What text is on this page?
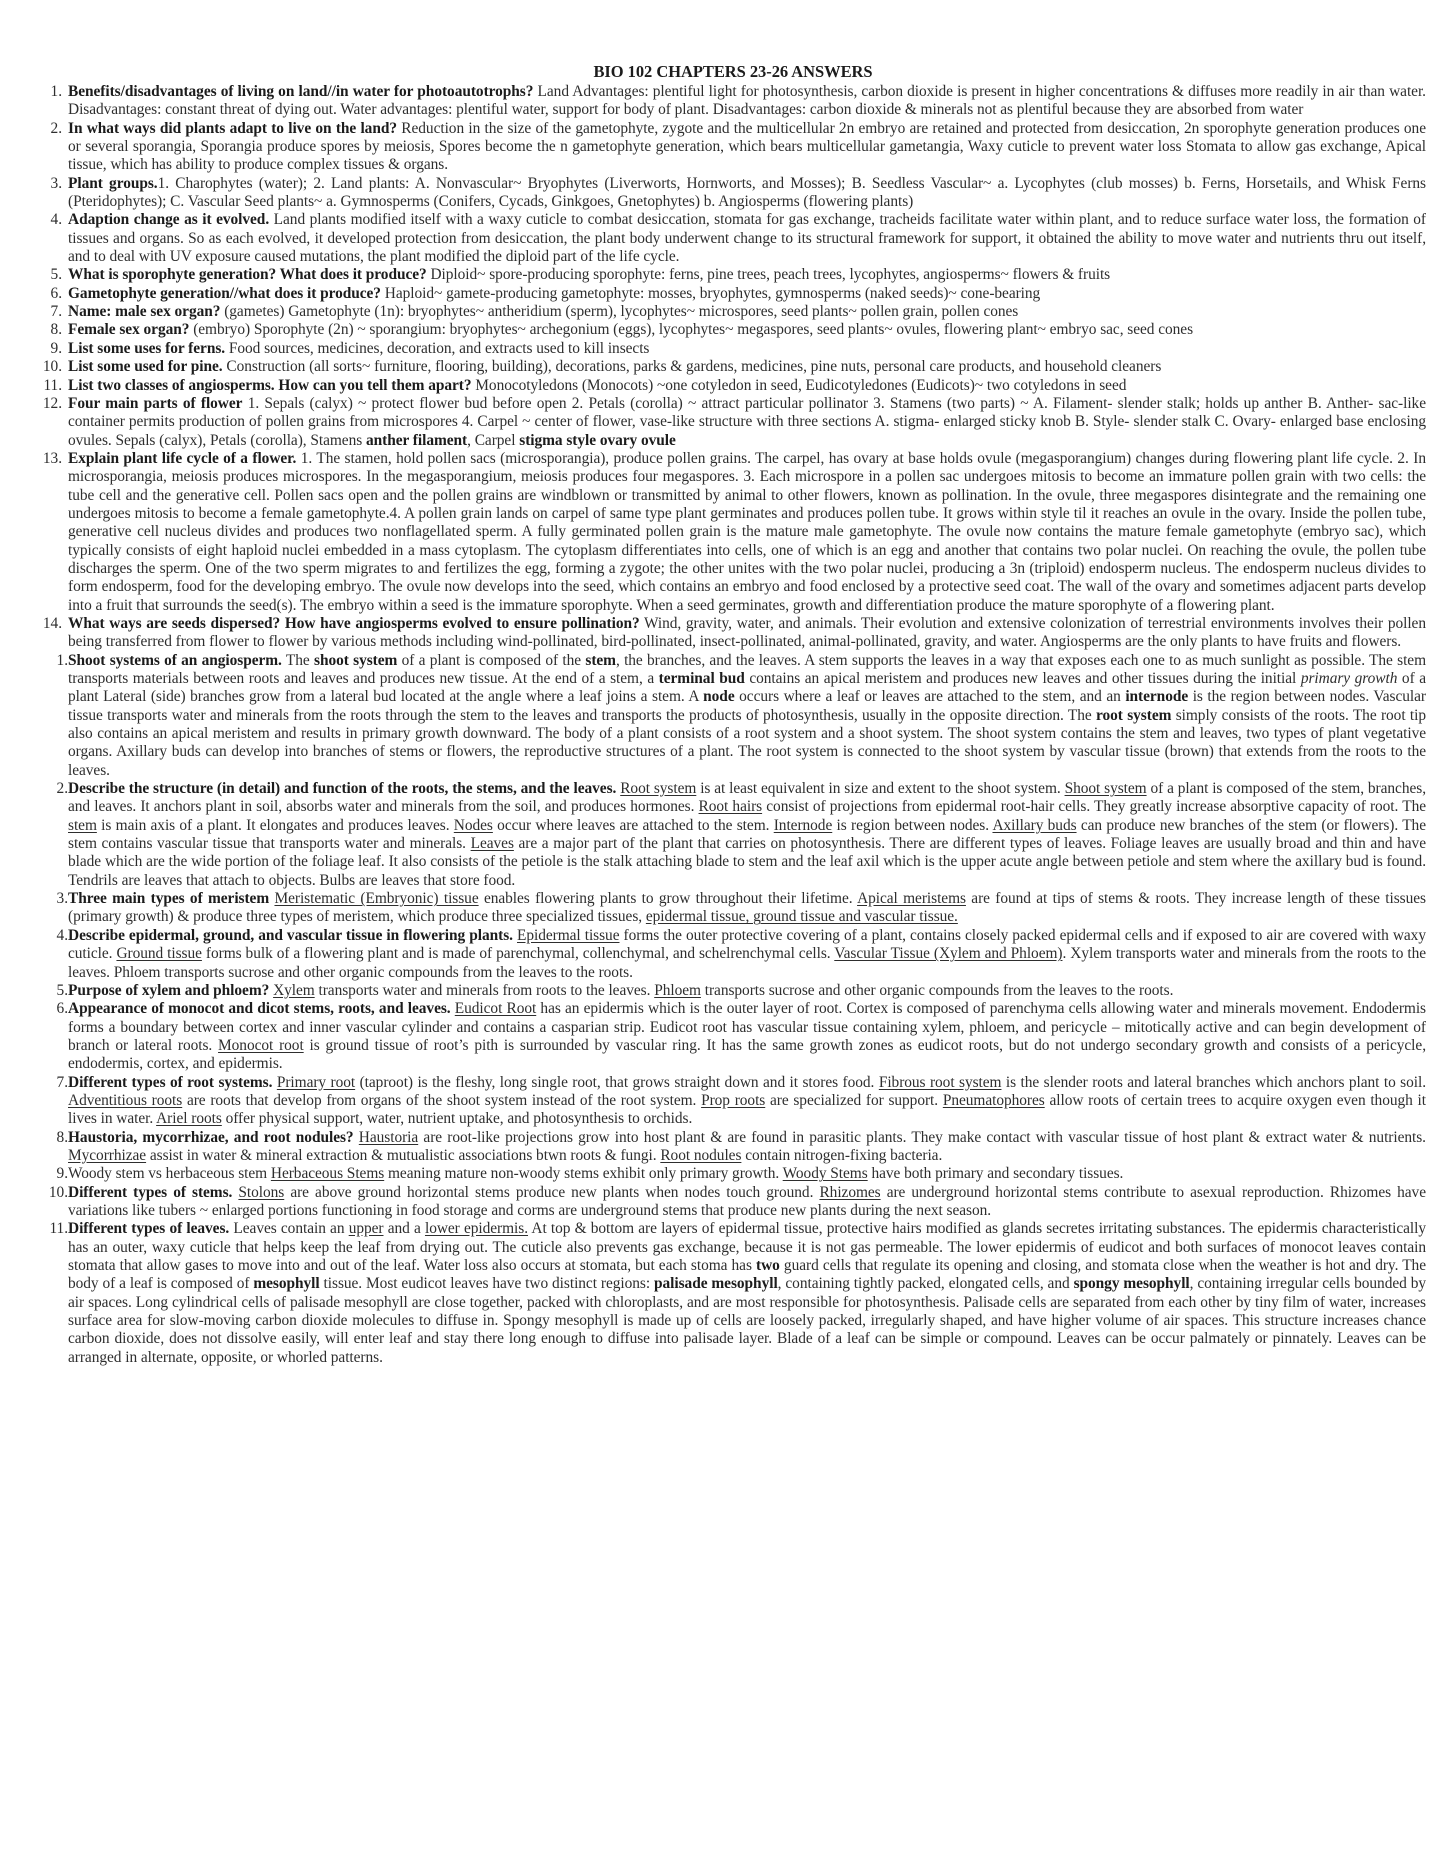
BIO 102 CHAPTERS 23-26 ANSWERS
1. Benefits/disadvantages of living on land//in water for photoautotrophs? Land Advantages: plentiful light for photosynthesis, carbon dioxide is present in higher concentrations & diffuses more readily in air than water. Disadvantages: constant threat of dying out. Water advantages: plentiful water, support for body of plant. Disadvantages: carbon dioxide & minerals not as plentiful because they are absorbed from water
2. In what ways did plants adapt to live on the land? Reduction in the size of the gametophyte, zygote and the multicellular 2n embryo are retained and protected from desiccation, 2n sporophyte generation produces one or several sporangia, Sporangia produce spores by meiosis, Spores become the n gametophyte generation, which bears multicellular gametangia, Waxy cuticle to prevent water loss Stomata to allow gas exchange, Apical tissue, which has ability to produce complex tissues & organs.
3. Plant groups.1. Charophytes (water); 2. Land plants: A. Nonvascular~ Bryophytes (Liverworts, Hornworts, and Mosses); B. Seedless Vascular~ a. Lycophytes (club mosses) b. Ferns, Horsetails, and Whisk Ferns (Pteridophytes); C. Vascular Seed plants~ a. Gymnosperms (Conifers, Cycads, Ginkgoes, Gnetophytes) b. Angiosperms (flowering plants)
4. Adaption change as it evolved. Land plants modified itself with a waxy cuticle to combat desiccation, stomata for gas exchange, tracheids facilitate water within plant, and to reduce surface water loss, the formation of tissues and organs. So as each evolved, it developed protection from desiccation, the plant body underwent change to its structural framework for support, it obtained the ability to move water and nutrients thru out itself, and to deal with UV exposure caused mutations, the plant modified the diploid part of the life cycle.
5. What is sporophyte generation? What does it produce? Diploid~ spore-producing sporophyte: ferns, pine trees, peach trees, lycophytes, angiosperms~ flowers & fruits
6. Gametophyte generation//what does it produce? Haploid~ gamete-producing gametophyte: mosses, bryophytes, gymnosperms (naked seeds)~ cone-bearing
7. Name: male sex organ? (gametes) Gametophyte (1n): bryophytes~ antheridium (sperm), lycophytes~ microspores, seed plants~ pollen grain, pollen cones
8. Female sex organ? (embryo) Sporophyte (2n) ~ sporangium: bryophytes~ archegonium (eggs), lycophytes~ megaspores, seed plants~ ovules, flowering plant~ embryo sac, seed cones
9. List some uses for ferns. Food sources, medicines, decoration, and extracts used to kill insects
10. List some used for pine. Construction (all sorts~ furniture, flooring, building), decorations, parks & gardens, medicines, pine nuts, personal care products, and household cleaners
11. List two classes of angiosperms. How can you tell them apart? Monocotyledons (Monocots) ~one cotyledon in seed, Eudicotyledones (Eudicots)~ two cotyledons in seed
12. Four main parts of flower 1. Sepals (calyx) ~ protect flower bud before open 2. Petals (corolla) ~ attract particular pollinator 3. Stamens (two parts) ~ A. Filament- slender stalk; holds up anther B. Anther- sac-like container permits production of pollen grains from microspores 4. Carpel ~ center of flower, vase-like structure with three sections A. stigma- enlarged sticky knob B. Style- slender stalk C. Ovary- enlarged base enclosing ovules. Sepals (calyx), Petals (corolla), Stamens anther filament, Carpel stigma style ovary ovule
13. Explain plant life cycle of a flower. 1. The stamen, hold pollen sacs (microsporangia), produce pollen grains. The carpel, has ovary at base holds ovule (megasporangium) changes during flowering plant life cycle. 2. In microsporangia, meiosis produces microspores. In the megasporangium, meiosis produces four megaspores. 3. Each microspore in a pollen sac undergoes mitosis to become an immature pollen grain with two cells: the tube cell and the generative cell. Pollen sacs open and the pollen grains are windblown or transmitted by animal to other flowers, known as pollination. In the ovule, three megaspores disintegrate and the remaining one undergoes mitosis to become a female gametophyte.4. A pollen grain lands on carpel of same type plant germinates and produces pollen tube. It grows within style til it reaches an ovule in the ovary. Inside the pollen tube, generative cell nucleus divides and produces two nonflagellated sperm. A fully germinated pollen grain is the mature male gametophyte. The ovule now contains the mature female gametophyte (embryo sac), which typically consists of eight haploid nuclei embedded in a mass cytoplasm. The cytoplasm differentiates into cells, one of which is an egg and another that contains two polar nuclei. On reaching the ovule, the pollen tube discharges the sperm. One of the two sperm migrates to and fertilizes the egg, forming a zygote; the other unites with the two polar nuclei, producing a 3n (triploid) endosperm nucleus. The endosperm nucleus divides to form endosperm, food for the developing embryo. The ovule now develops into the seed, which contains an embryo and food enclosed by a protective seed coat. The wall of the ovary and sometimes adjacent parts develop into a fruit that surrounds the seed(s). The embryo within a seed is the immature sporophyte. When a seed germinates, growth and differentiation produce the mature sporophyte of a flowering plant.
14. What ways are seeds dispersed? How have angiosperms evolved to ensure pollination? Wind, gravity, water, and animals. Their evolution and extensive colonization of terrestrial environments involves their pollen being transferred from flower to flower by various methods including wind-pollinated, bird-pollinated, insect-pollinated, animal-pollinated, gravity, and water. Angiosperms are the only plants to have fruits and flowers.
1. Shoot systems of an angiosperm. The shoot system of a plant is composed of the stem, the branches, and the leaves. A stem supports the leaves in a way that exposes each one to as much sunlight as possible. The stem transports materials between roots and leaves and produces new tissue. At the end of a stem, a terminal bud contains an apical meristem and produces new leaves and other tissues during the initial primary growth of a plant Lateral (side) branches grow from a lateral bud located at the angle where a leaf joins a stem. A node occurs where a leaf or leaves are attached to the stem, and an internode is the region between nodes. Vascular tissue transports water and minerals from the roots through the stem to the leaves and transports the products of photosynthesis, usually in the opposite direction. The root system simply consists of the roots. The root tip also contains an apical meristem and results in primary growth downward. The body of a plant consists of a root system and a shoot system. The shoot system contains the stem and leaves, two types of plant vegetative organs. Axillary buds can develop into branches of stems or flowers, the reproductive structures of a plant. The root system is connected to the shoot system by vascular tissue (brown) that extends from the roots to the leaves.
2. Describe the structure (in detail) and function of the roots, the stems, and the leaves. Root system is at least equivalent in size and extent to the shoot system. Shoot system of a plant is composed of the stem, branches, and leaves. It anchors plant in soil, absorbs water and minerals from the soil, and produces hormones. Root hairs consist of projections from epidermal root-hair cells. They greatly increase absorptive capacity of root. The stem is main axis of a plant. It elongates and produces leaves. Nodes occur where leaves are attached to the stem. Internode is region between nodes. Axillary buds can produce new branches of the stem (or flowers). The stem contains vascular tissue that transports water and minerals. Leaves are a major part of the plant that carries on photosynthesis. There are different types of leaves. Foliage leaves are usually broad and thin and have blade which are the wide portion of the foliage leaf. It also consists of the petiole is the stalk attaching blade to stem and the leaf axil which is the upper acute angle between petiole and stem where the axillary bud is found. Tendrils are leaves that attach to objects. Bulbs are leaves that store food.
3. Three main types of meristem Meristematic (Embryonic) tissue enables flowering plants to grow throughout their lifetime. Apical meristems are found at tips of stems & roots. They increase length of these tissues (primary growth) & produce three types of meristem, which produce three specialized tissues, epidermal tissue, ground tissue and vascular tissue.
4. Describe epidermal, ground, and vascular tissue in flowering plants. Epidermal tissue forms the outer protective covering of a plant, contains closely packed epidermal cells and if exposed to air are covered with waxy cuticle. Ground tissue forms bulk of a flowering plant and is made of parenchymal, collenchymal, and schelrenchymal cells. Vascular Tissue (Xylem and Phloem). Xylem transports water and minerals from the roots to the leaves. Phloem transports sucrose and other organic compounds from the leaves to the roots.
5. Purpose of xylem and phloem? Xylem transports water and minerals from roots to the leaves. Phloem transports sucrose and other organic compounds from the leaves to the roots.
6. Appearance of monocot and dicot stems, roots, and leaves. Eudicot Root has an epidermis which is the outer layer of root. Cortex is composed of parenchyma cells allowing water and minerals movement. Endodermis forms a boundary between cortex and inner vascular cylinder and contains a casparian strip. Eudicot root has vascular tissue containing xylem, phloem, and pericycle – mitotically active and can begin development of branch or lateral roots. Monocot root is ground tissue of root’s pith is surrounded by vascular ring. It has the same growth zones as eudicot roots, but do not undergo secondary growth and consists of a pericycle, endodermis, cortex, and epidermis.
7. Different types of root systems. Primary root (taproot) is the fleshy, long single root, that grows straight down and it stores food. Fibrous root system is the slender roots and lateral branches which anchors plant to soil. Adventitious roots are roots that develop from organs of the shoot system instead of the root system. Prop roots are specialized for support. Pneumatophores allow roots of certain trees to acquire oxygen even though it lives in water. Ariel roots offer physical support, water, nutrient uptake, and photosynthesis to orchids.
8. Haustoria, mycorrhizae, and root nodules? Haustoria are root-like projections grow into host plant & are found in parasitic plants. They make contact with vascular tissue of host plant & extract water & nutrients. Mycorrhizae assist in water & mineral extraction & mutualistic associations btwn roots & fungi. Root nodules contain nitrogen-fixing bacteria.
9. Woody stem vs herbaceous stem Herbaceous Stems meaning mature non-woody stems exhibit only primary growth. Woody Stems have both primary and secondary tissues.
10. Different types of stems. Stolons are above ground horizontal stems produce new plants when nodes touch ground. Rhizomes are underground horizontal stems contribute to asexual reproduction. Rhizomes have variations like tubers ~ enlarged portions functioning in food storage and corms are underground stems that produce new plants during the next season.
11. Different types of leaves. Leaves contain an upper and a lower epidermis. At top & bottom are layers of epidermal tissue, protective hairs modified as glands secretes irritating substances. The epidermis characteristically has an outer, waxy cuticle that helps keep the leaf from drying out. The cuticle also prevents gas exchange, because it is not gas permeable. The lower epidermis of eudicot and both surfaces of monocot leaves contain stomata that allow gases to move into and out of the leaf. Water loss also occurs at stomata, but each stoma has two guard cells that regulate its opening and closing, and stomata close when the weather is hot and dry. The body of a leaf is composed of mesophyll tissue. Most eudicot leaves have two distinct regions: palisade mesophyll, containing tightly packed, elongated cells, and spongy mesophyll, containing irregular cells bounded by air spaces. Long cylindrical cells of palisade mesophyll are close together, packed with chloroplasts, and are most responsible for photosynthesis. Palisade cells are separated from each other by tiny film of water, increases surface area for slow-moving carbon dioxide molecules to diffuse in. Spongy mesophyll is made up of cells are loosely packed, irregularly shaped, and have higher volume of air spaces. This structure increases chance carbon dioxide, does not dissolve easily, will enter leaf and stay there long enough to diffuse into palisade layer. Blade of a leaf can be simple or compound. Leaves can be occur palmately or pinnately. Leaves can be arranged in alternate, opposite, or whorled patterns.
